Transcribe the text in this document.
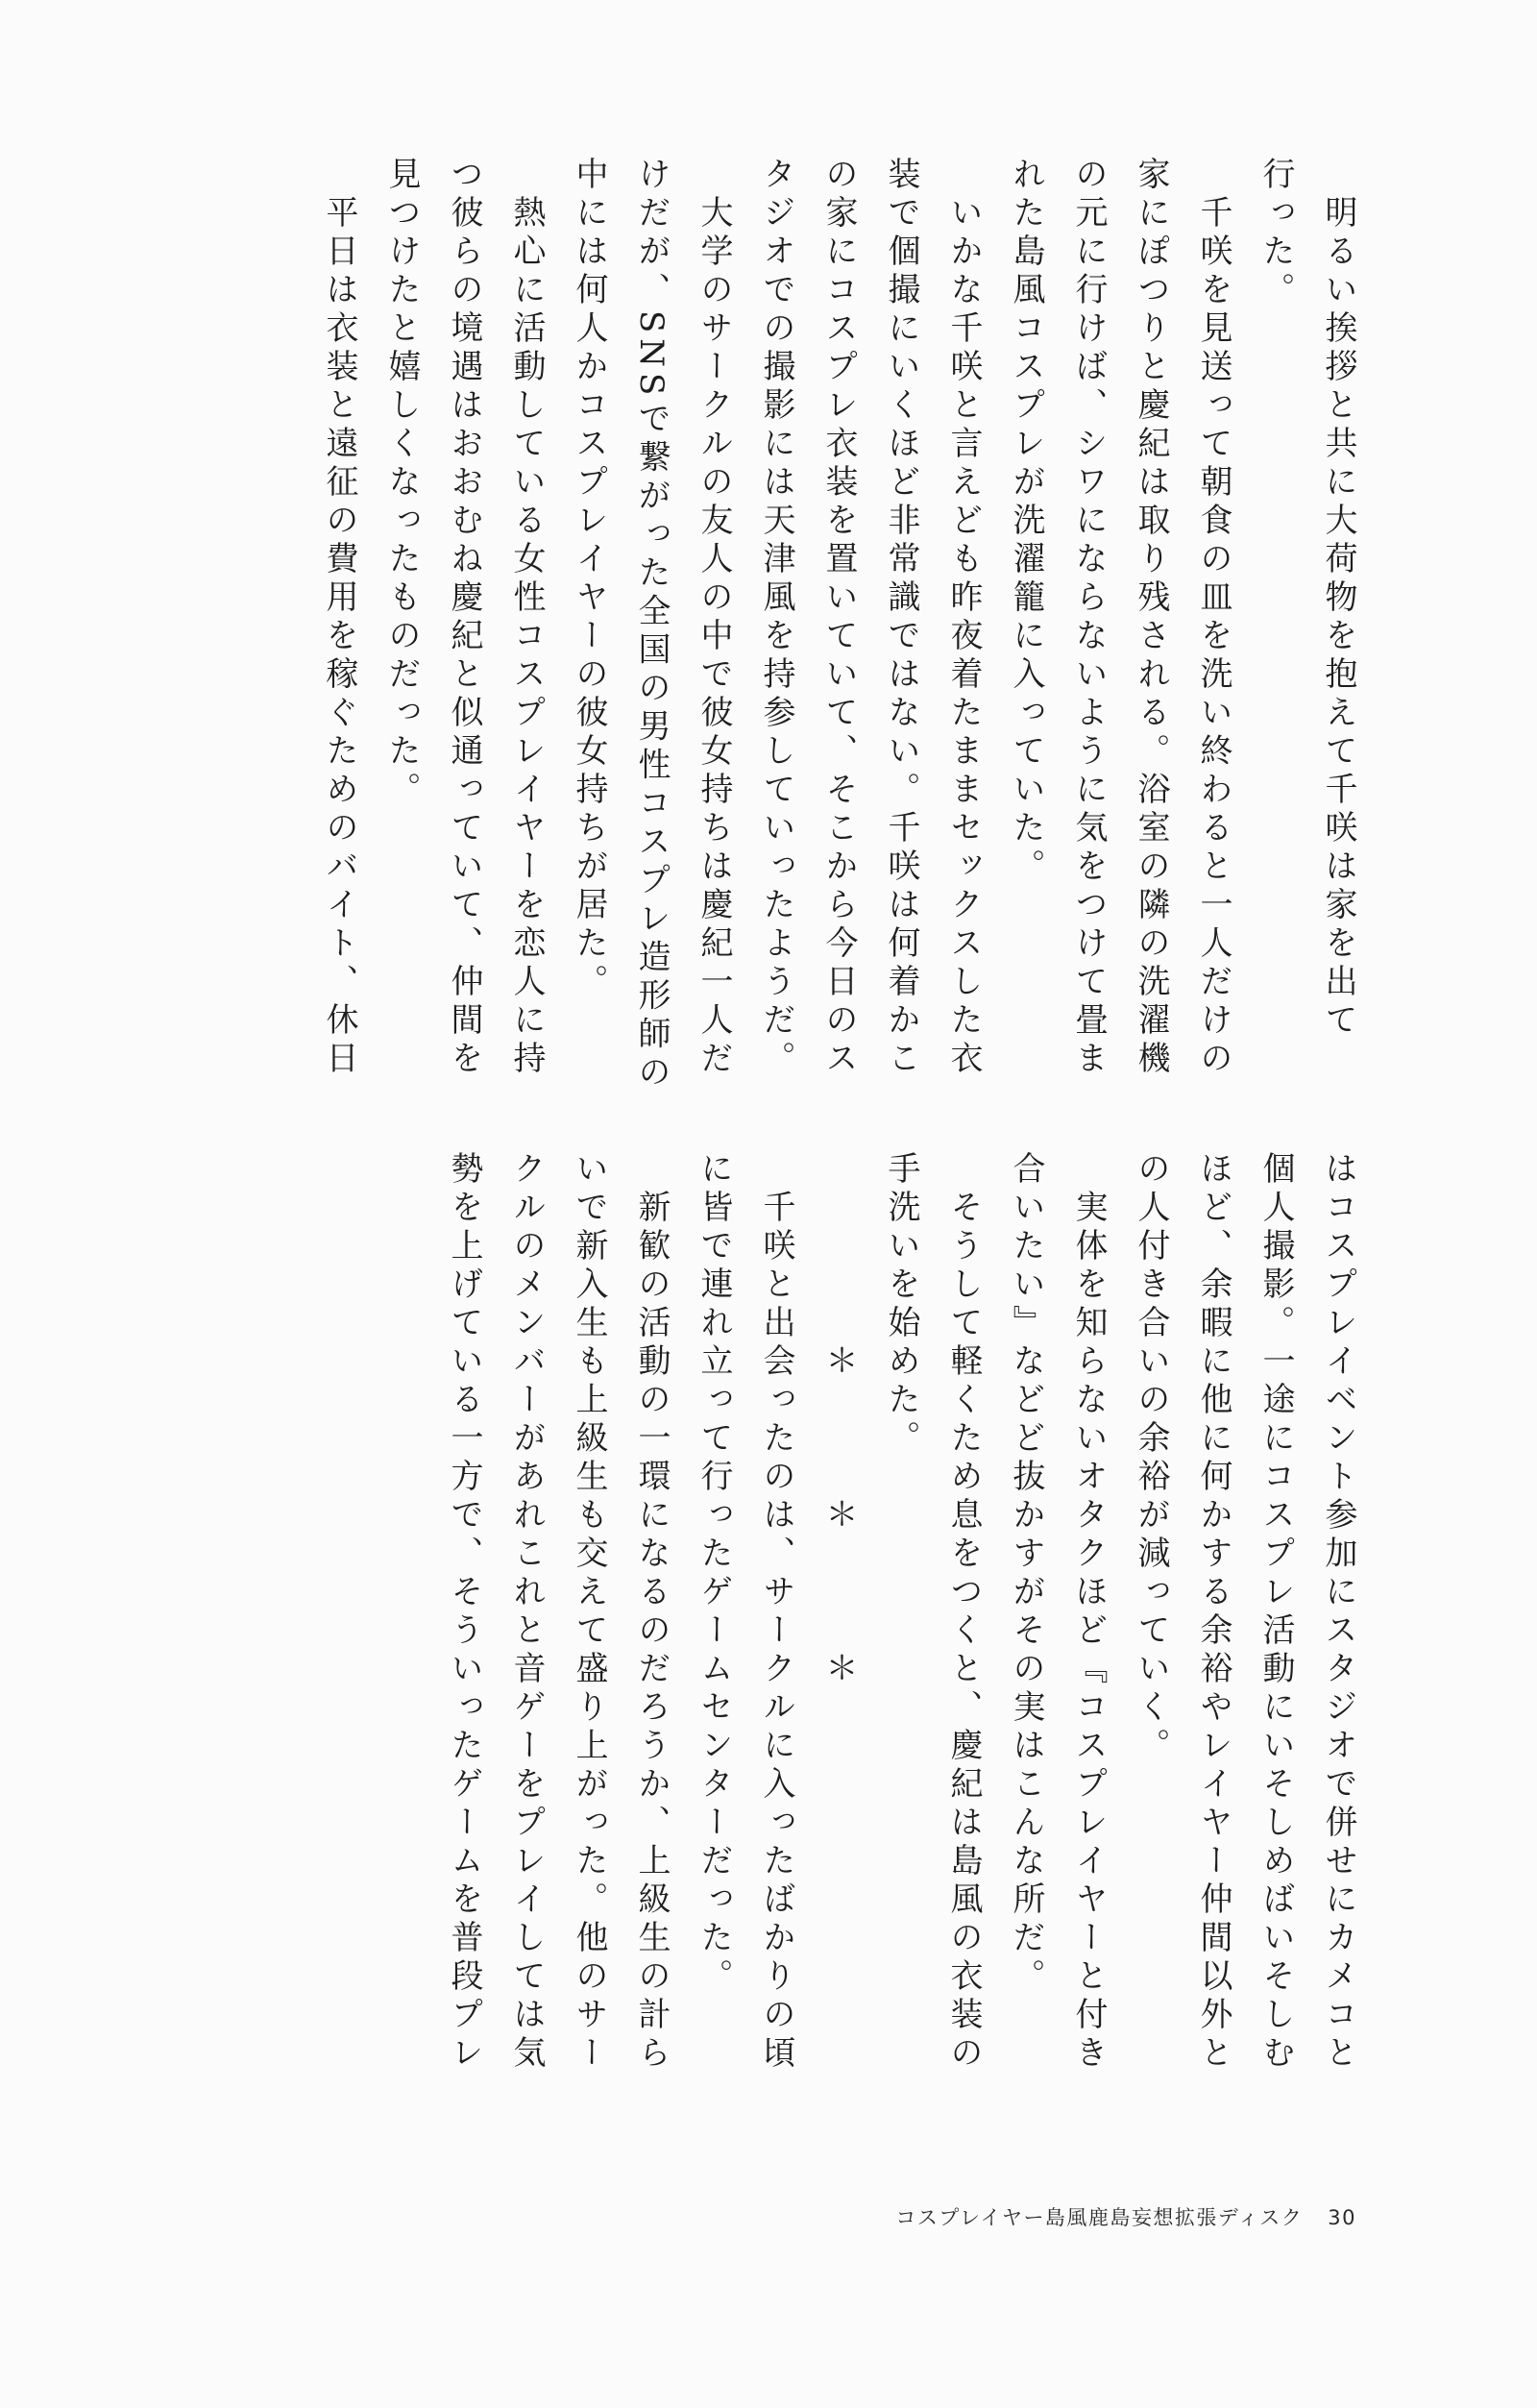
　明るい挨拶と共に大荷物を抱えて千咲は家を出て

行った。

　千咲を見送って朝食の皿を洗い終わると一人だけの

家にぽつりと慶紀は取り残される。浴室の隣の洗濯機

の元に行けば、シワにならないように気をつけて畳ま

れた島風コスプレが洗濯籠に入っていた。

　いかな千咲と言えども昨夜着たままセックスした衣

装で個撮にいくほど非常識ではない。千咲は何着かこ

の家にコスプレ衣装を置いていて、そこから今日のス

タジオでの撮影には天津風を持参していったようだ。

　大学のサークルの友人の中で彼女持ちは慶紀一人だ

けだが、SNSで繋がった全国の男性コスプレ造形師の

中には何人かコスプレイヤーの彼女持ちが居た。

　熱心に活動している女性コスプレイヤーを恋人に持

つ彼らの境遇はおおむね慶紀と似通っていて、仲間を

見つけたと嬉しくなったものだった。

　平日は衣装と遠征の費用を稼ぐためのバイト、休日

はコスプレイベント参加にスタジオで併せにカメコと

個人撮影。一途にコスプレ活動にいそしめばいそしむ

ほど、余暇に他に何かする余裕やレイヤー仲間以外と

の人付き合いの余裕が減っていく。

　実体を知らないオタクほど『コスプレイヤーと付き

合いたい』などど抜かすがその実はこんな所だ。

　そうして軽くため息をつくと、慶紀は島風の衣装の

手洗いを始めた。

　　　　　＊　　　＊　　　＊

　千咲と出会ったのは、サークルに入ったばかりの頃

に皆で連れ立って行ったゲームセンターだった。

　新歓の活動の一環になるのだろうか、上級生の計ら

いで新入生も上級生も交えて盛り上がった。他のサー

クルのメンバーがあれこれと音ゲーをプレイしては気

勢を上げている一方で、そういったゲームを普段プレ

コスプレイヤー島風鹿島妄想拡張ディスク 30
